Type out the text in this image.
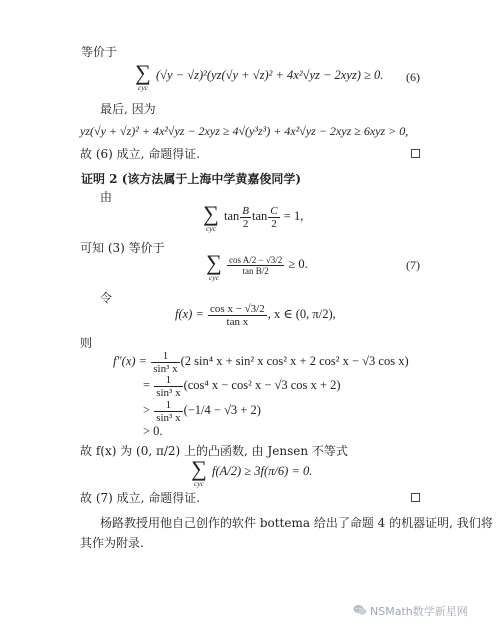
等价于
∑
cyc
(√y − √z)²(yz(√y + √z)² + 4x²√yz − 2xyz) ≥ 0. (6)
最后, 因为
yz(√y + √z)² + 4x²√yz − 2xyz ≥ 4√(y³z³) + 4x²√yz − 2xyz ≥ 6xyz > 0,
故 (6) 成立, 命题得证.
证明 2 (该方法属于上海中学黄嘉俊同学)
由
∑
cyc
$\tan \frac{B}{2}$ $\tan \frac{C}{2} = 1$,
可知 (3) 等价于
∑
cyc
$\frac{\text{cos A/2 − √3/2}}{\text{tan B/2}} \ge 0$.	(7)
令
$f(x) = \frac{\text{cos x − √3/2}}{\text{tan x}}$ , x ∈ (0, π/2),
则
$f''(x) = \frac{1}{\text{sin³ x}} (2$ sin⁴ x + sin² x cos² x + 2 cos² x − √3 cos x)
= $\frac{1}{\text{sin³ x}} (\cos^4$ x − cos² x − √3 cos x + 2)
> $\frac{1}{\text{sin³ x}} (-1/4 - √3 + 2)$
> 0.
故 f(x) 为 (0, π/2) 上的凸函数, 由 Jensen 不等式
∑
cyc
f(A/2) ≥ 3f(π/6) = 0.
故 (7) 成立, 命题得证.
杨路教授用他自己创作的软件 bottema 给出了命题 4 的机器证明, 我们将
其作为附录.
NSMath数学新星网
